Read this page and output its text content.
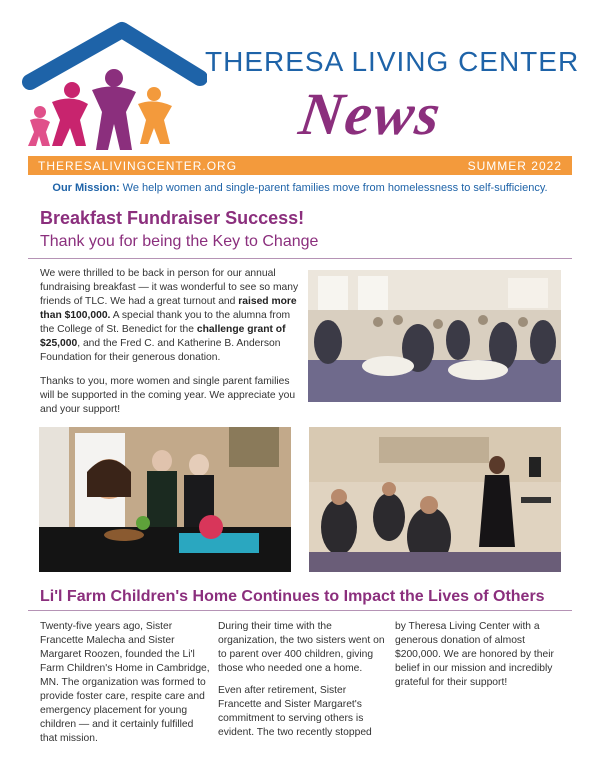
THERESA LIVING CENTER
News
THERESALIVINGCENTER.ORG	SUMMER 2022
Our Mission: We help women and single-parent families move from homelessness to self-sufficiency.
Breakfast Fundraiser Success!
Thank you for being the Key to Change
We were thrilled to be back in person for our annual fundraising breakfast — it was wonderful to see so many friends of TLC. We had a great turnout and raised more than $100,000. A special thank you to the alumna from the College of St. Benedict for the challenge grant of $25,000, and the Fred C. and Katherine B. Anderson Foundation for their generous donation.
Thanks to you, more women and single parent families will be supported in the coming year. We appreciate you and your support!
Li'l Farm Children's Home Continues to Impact the Lives of Others

Twenty-five years ago, Sister Francette Malecha and Sister Margaret Roozen, founded the Li'l Farm Children's Home in Cambridge, MN. The organization was formed to provide foster care, respite care and emergency placement for young children — and it certainly fulfilled that mission.

During their time with the organization, the two sisters went on to parent over 400 children, giving those who needed one a home.

Even after retirement, Sister Francette and Sister Margaret's commitment to serving others is evident. The two recently stopped

by Theresa Living Center with a generous donation of almost $200,000. We are honored by their belief in our mission and incredibly grateful for their support!
